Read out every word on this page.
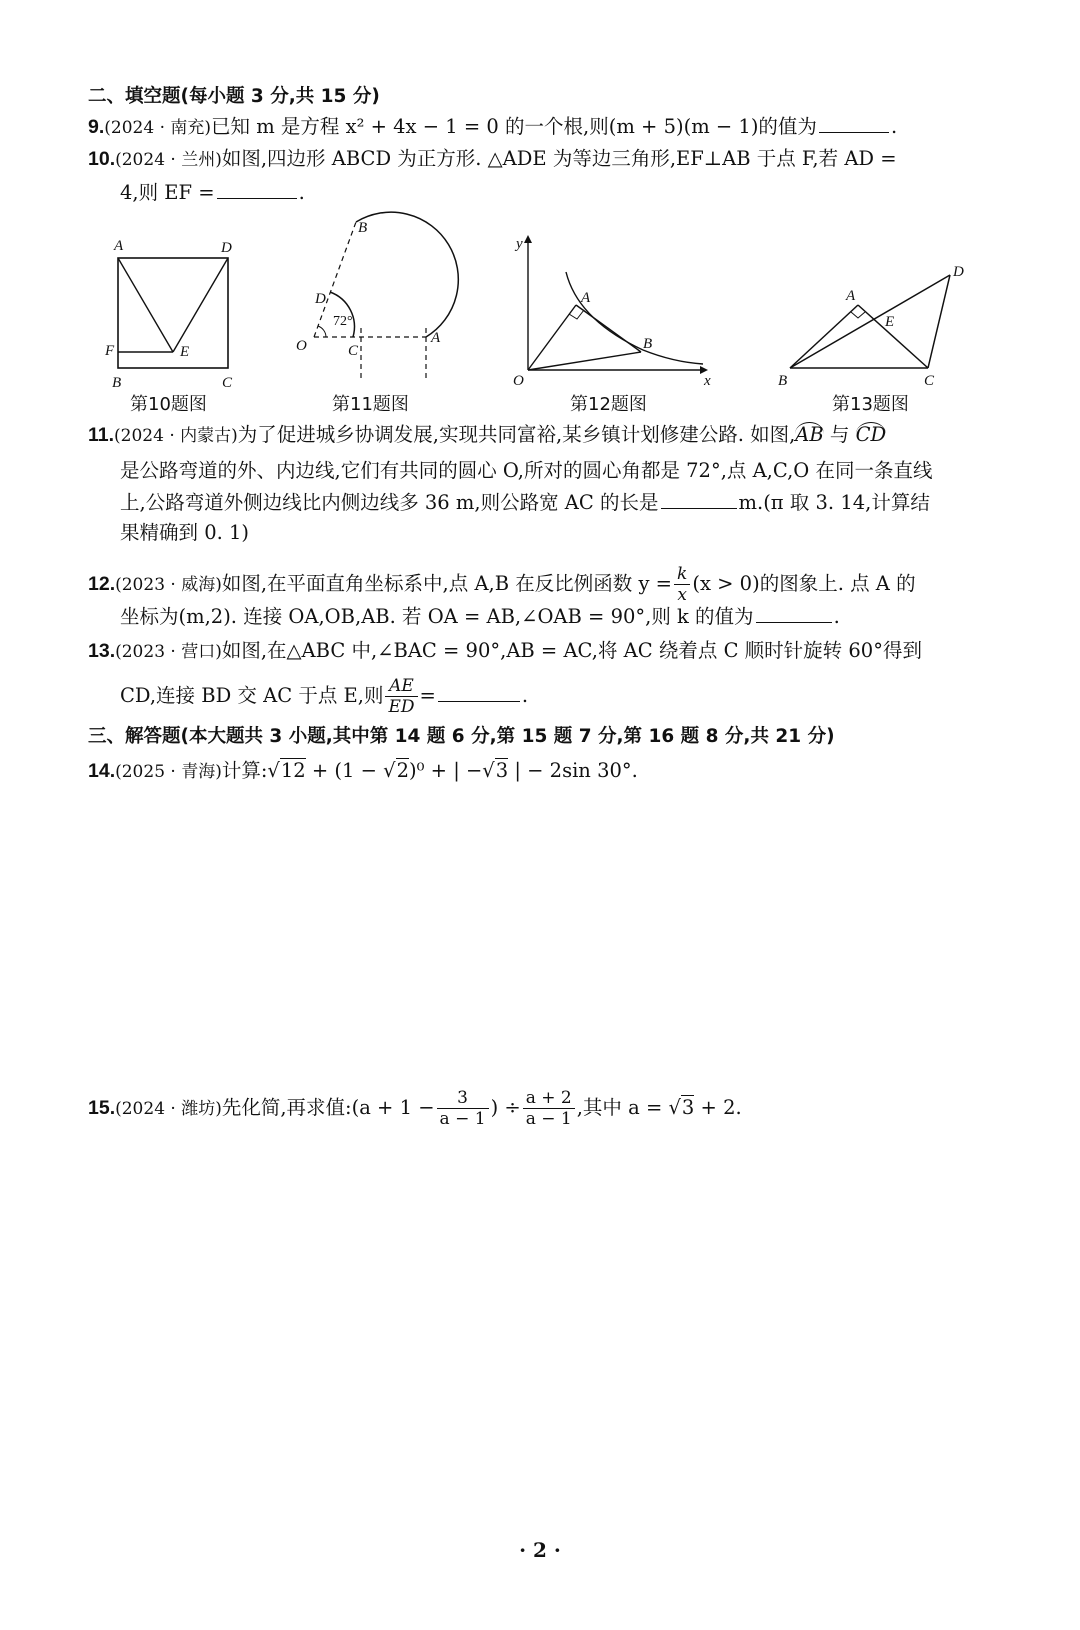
二、填空题(每小题 3 分,共 15 分)
9.(2024 · 南充)已知 m 是方程 x² + 4x − 1 = 0 的一个根,则(m + 5)(m − 1)的值为	.
10.(2024 · 兰州)如图,四边形 ABCD 为正方形. △ADE 为等边三角形,EF⊥AB 于点 F,若 AD =
4,则 EF =	.
A	D
F	E
B	C
B
D
72°
O	C
A
y
A
B
O	x
D
A
E
B	C
第10题图	第11题图	第12题图	第13题图
11.(2024 · 内蒙古)为了促进城乡协调发展,实现共同富裕,某乡镇计划修建公路. 如图,AB 与 CD
是公路弯道的外、内边线,它们有共同的圆心 O,所对的圆心角都是 72°,点 A,C,O 在同一条直线
上,公路弯道外侧边线比内侧边线多 36 m,则公路宽 AC 的长是	m.(π 取 3. 14,计算结
果精确到 0. 1)
12.(2023 · 威海)如图,在平面直角坐标系中,点 A,B 在反比例函数 $y = \frac{k}{x} (x > 0)$的图象上. 点 A 的
坐标为(m,2). 连接 OA,OB,AB. 若 OA = AB,∠OAB = 90°,则 k 的值为	.
13.(2023 · 营口)如图,在△ABC 中,∠BAC = 90°,AB = AC,将 AC 绕着点 C 顺时针旋转 60°得到
CD,连接 BD 交 AC 于点 E,则 $\frac{AE}{ED}$ =	.
三、解答题(本大题共 3 小题,其中第 14 题 6 分,第 15 题 7 分,第 16 题 8 分,共 21 分)
14.(2025 · 青海)计算:√12 + (1 − √2)⁰ + | −√3 | − 2sin 30°.
15.(2024 · 潍坊)先化简,再求值:(a + $1 - \frac{3}{a - 1}$ ) ÷ $\frac{a + 2}{a - 1}$ ,其中 a = √3 + 2.
· 2 ·
